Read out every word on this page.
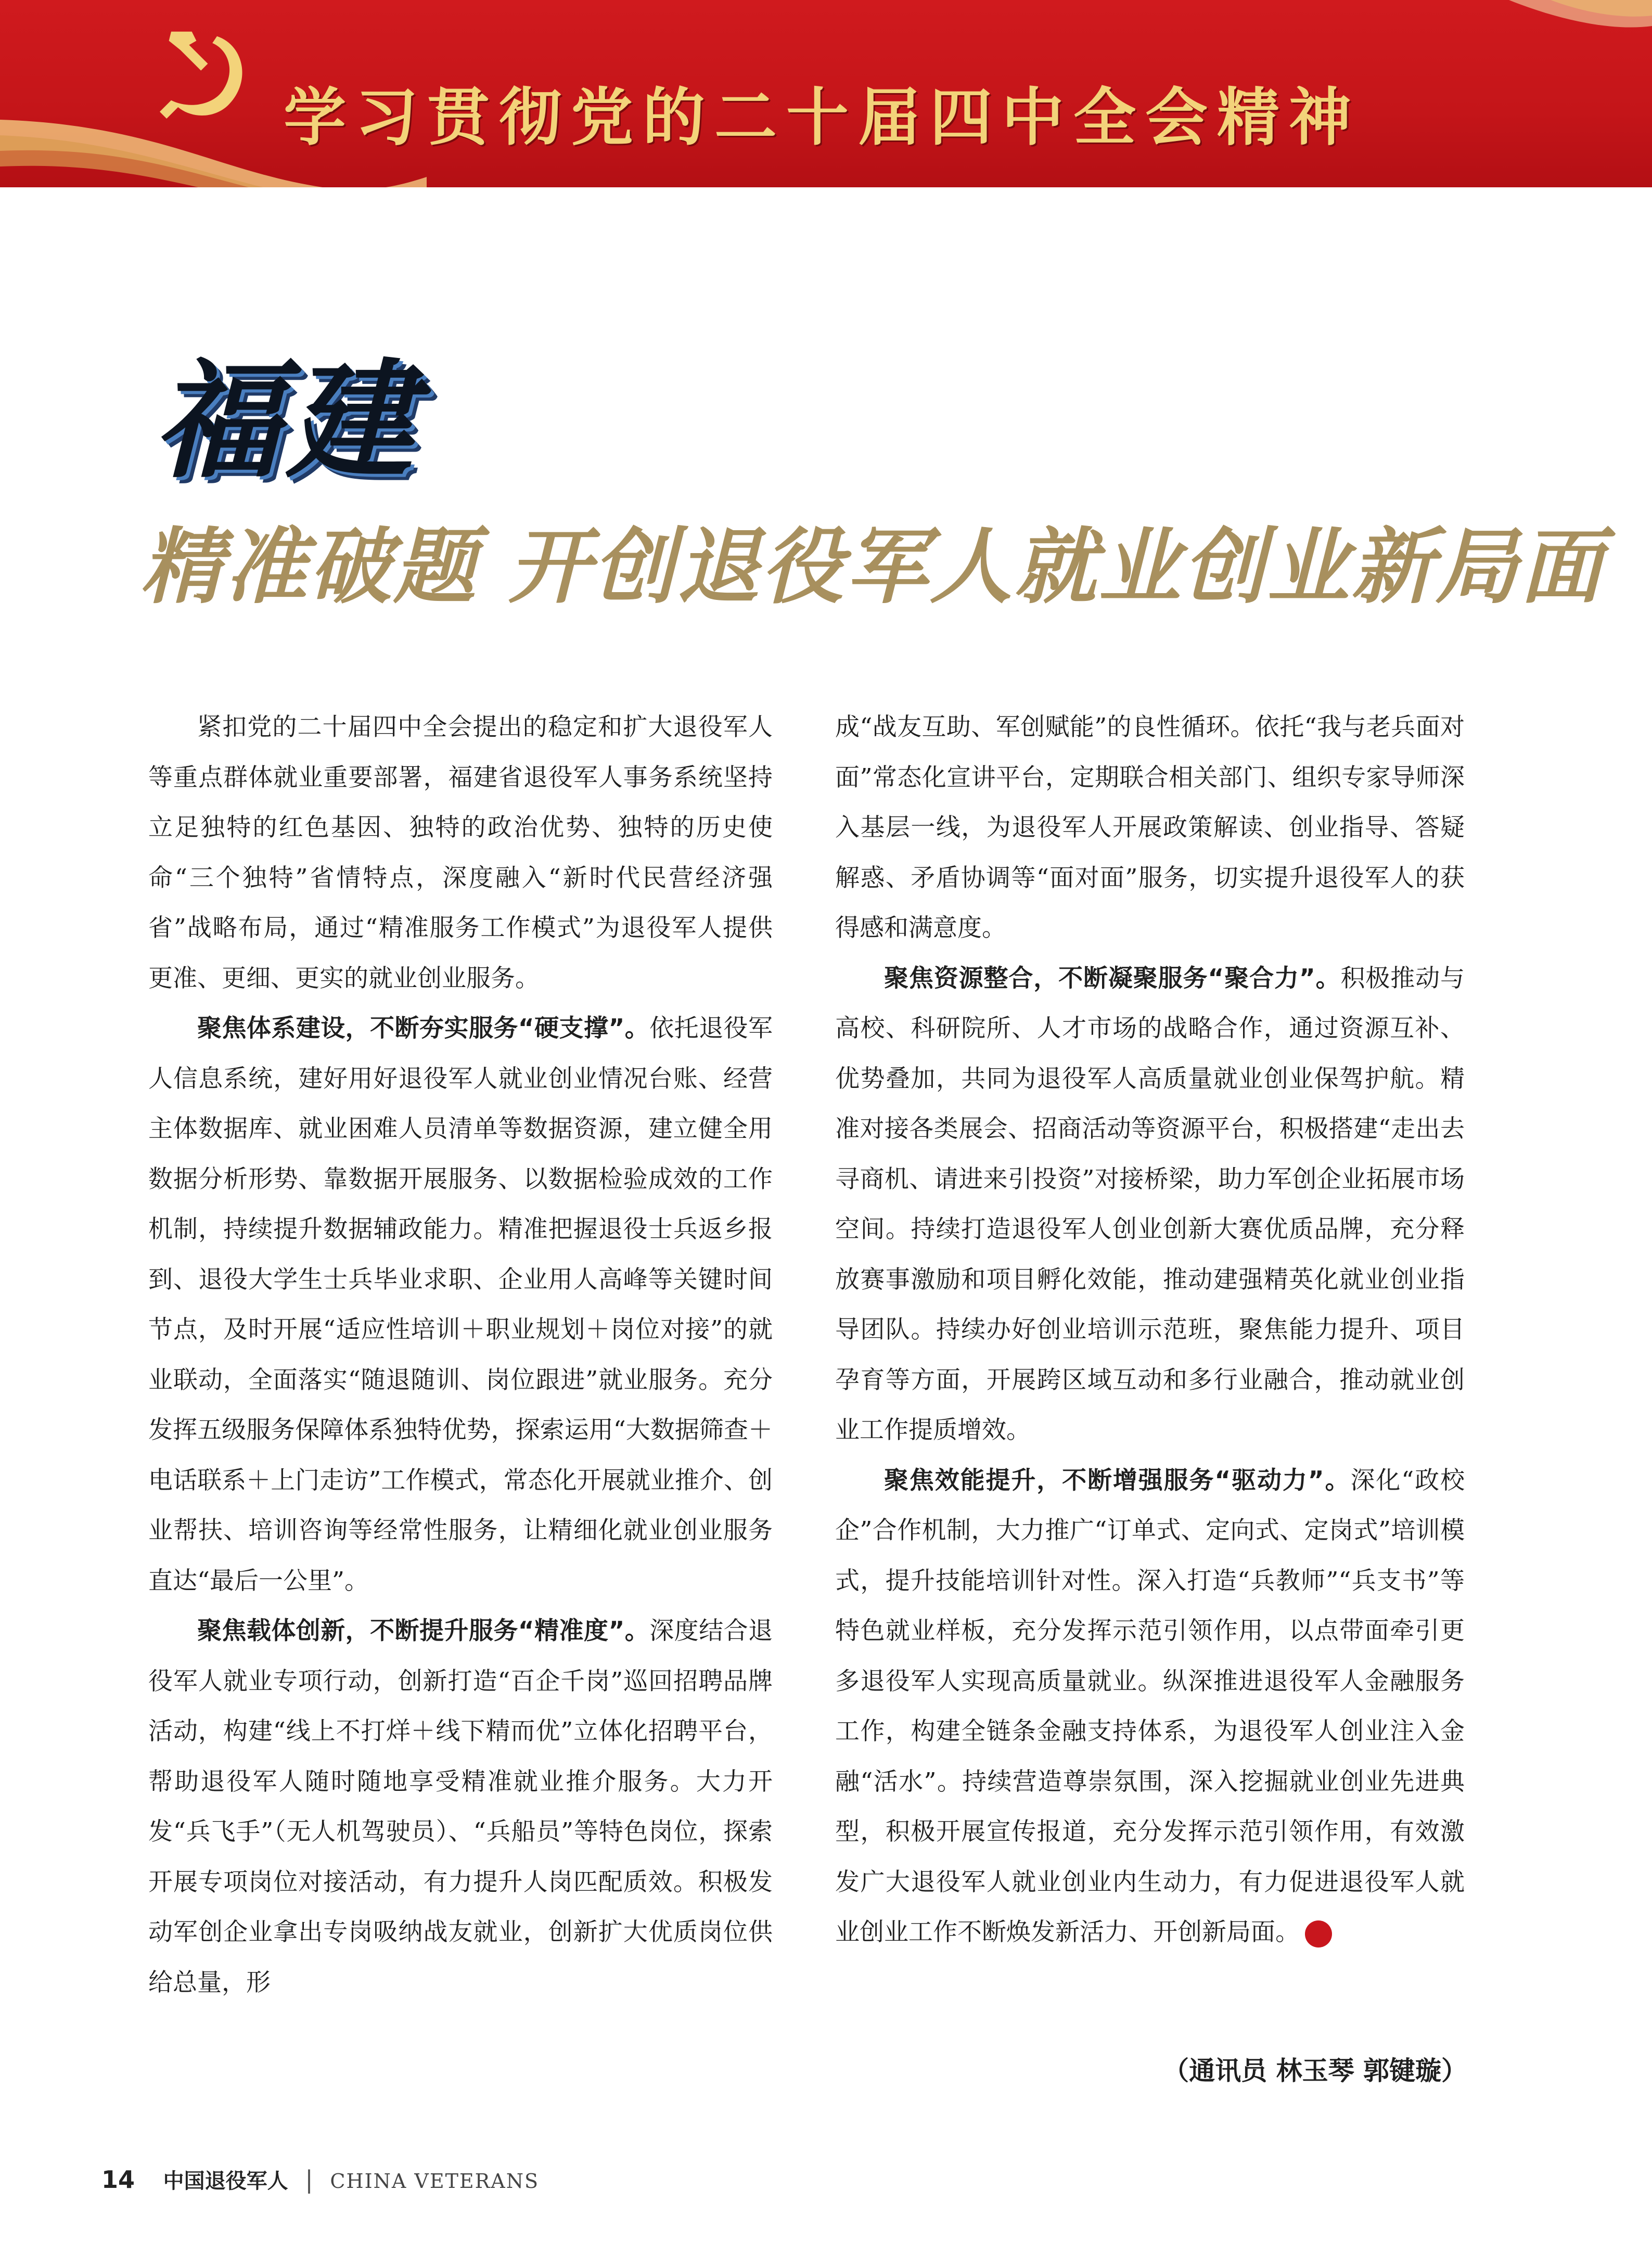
学习贯彻党的二十届四中全会精神
福建
精准破题 开创退役军人就业创业新局面

紧扣党的二十届四中全会提出的稳定和扩大退役军人等重点群体就业重要部署，福建省退役军人事务系统坚持立足独特的红色基因、独特的政治优势、独特的历史使命“三个独特”省情特点，深度融入“新时代民营经济强省”战略布局，通过“精准服务工作模式”为退役军人提供更准、更细、更实的就业创业服务。

聚焦体系建设，不断夯实服务“硬支撑”。依托退役军人信息系统，建好用好退役军人就业创业情况台账、经营主体数据库、就业困难人员清单等数据资源，建立健全用数据分析形势、靠数据开展服务、以数据检验成效的工作机制，持续提升数据辅政能力。精准把握退役士兵返乡报到、退役大学生士兵毕业求职、企业用人高峰等关键时间节点，及时开展“适应性培训＋职业规划＋岗位对接”的就业联动，全面落实“随退随训、岗位跟进”就业服务。充分发挥五级服务保障体系独特优势，探索运用“大数据筛查＋电话联系＋上门走访”工作模式，常态化开展就业推介、创业帮扶、培训咨询等经常性服务，让精细化就业创业服务直达“最后一公里”。

聚焦载体创新，不断提升服务“精准度”。深度结合退役军人就业专项行动，创新打造“百企千岗”巡回招聘品牌活动，构建“线上不打烊＋线下精而优”立体化招聘平台，帮助退役军人随时随地享受精准就业推介服务。大力开发“兵飞手”（无人机驾驶员）、“兵船员”等特色岗位，探索开展专项岗位对接活动，有力提升人岗匹配质效。积极发动军创企业拿出专岗吸纳战友就业，创新扩大优质岗位供给总量，形

成“战友互助、军创赋能”的良性循环。依托“我与老兵面对面”常态化宣讲平台，定期联合相关部门、组织专家导师深入基层一线，为退役军人开展政策解读、创业指导、答疑解惑、矛盾协调等“面对面”服务，切实提升退役军人的获得感和满意度。

聚焦资源整合，不断凝聚服务“聚合力”。积极推动与高校、科研院所、人才市场的战略合作，通过资源互补、优势叠加，共同为退役军人高质量就业创业保驾护航。精准对接各类展会、招商活动等资源平台，积极搭建“走出去寻商机、请进来引投资”对接桥梁，助力军创企业拓展市场空间。持续打造退役军人创业创新大赛优质品牌，充分释放赛事激励和项目孵化效能，推动建强精英化就业创业指导团队。持续办好创业培训示范班，聚焦能力提升、项目孕育等方面，开展跨区域互动和多行业融合，推动就业创业工作提质增效。

聚焦效能提升，不断增强服务“驱动力”。深化“政校企”合作机制，大力推广“订单式、定向式、定岗式”培训模式，提升技能培训针对性。深入打造“兵教师”“兵支书”等特色就业样板，充分发挥示范引领作用，以点带面牵引更多退役军人实现高质量就业。纵深推进退役军人金融服务工作，构建全链条金融支持体系，为退役军人创业注入金融“活水”。持续营造尊崇氛围，深入挖掘就业创业先进典型，积极开展宣传报道，充分发挥示范引领作用，有效激发广大退役军人就业创业内生动力，有力促进退役军人就业创业工作不断焕发新活力、开创新局面。	V

（通讯员 林玉琴 郭键璇）
14 中国退役军人 | CHINA VETERANS
